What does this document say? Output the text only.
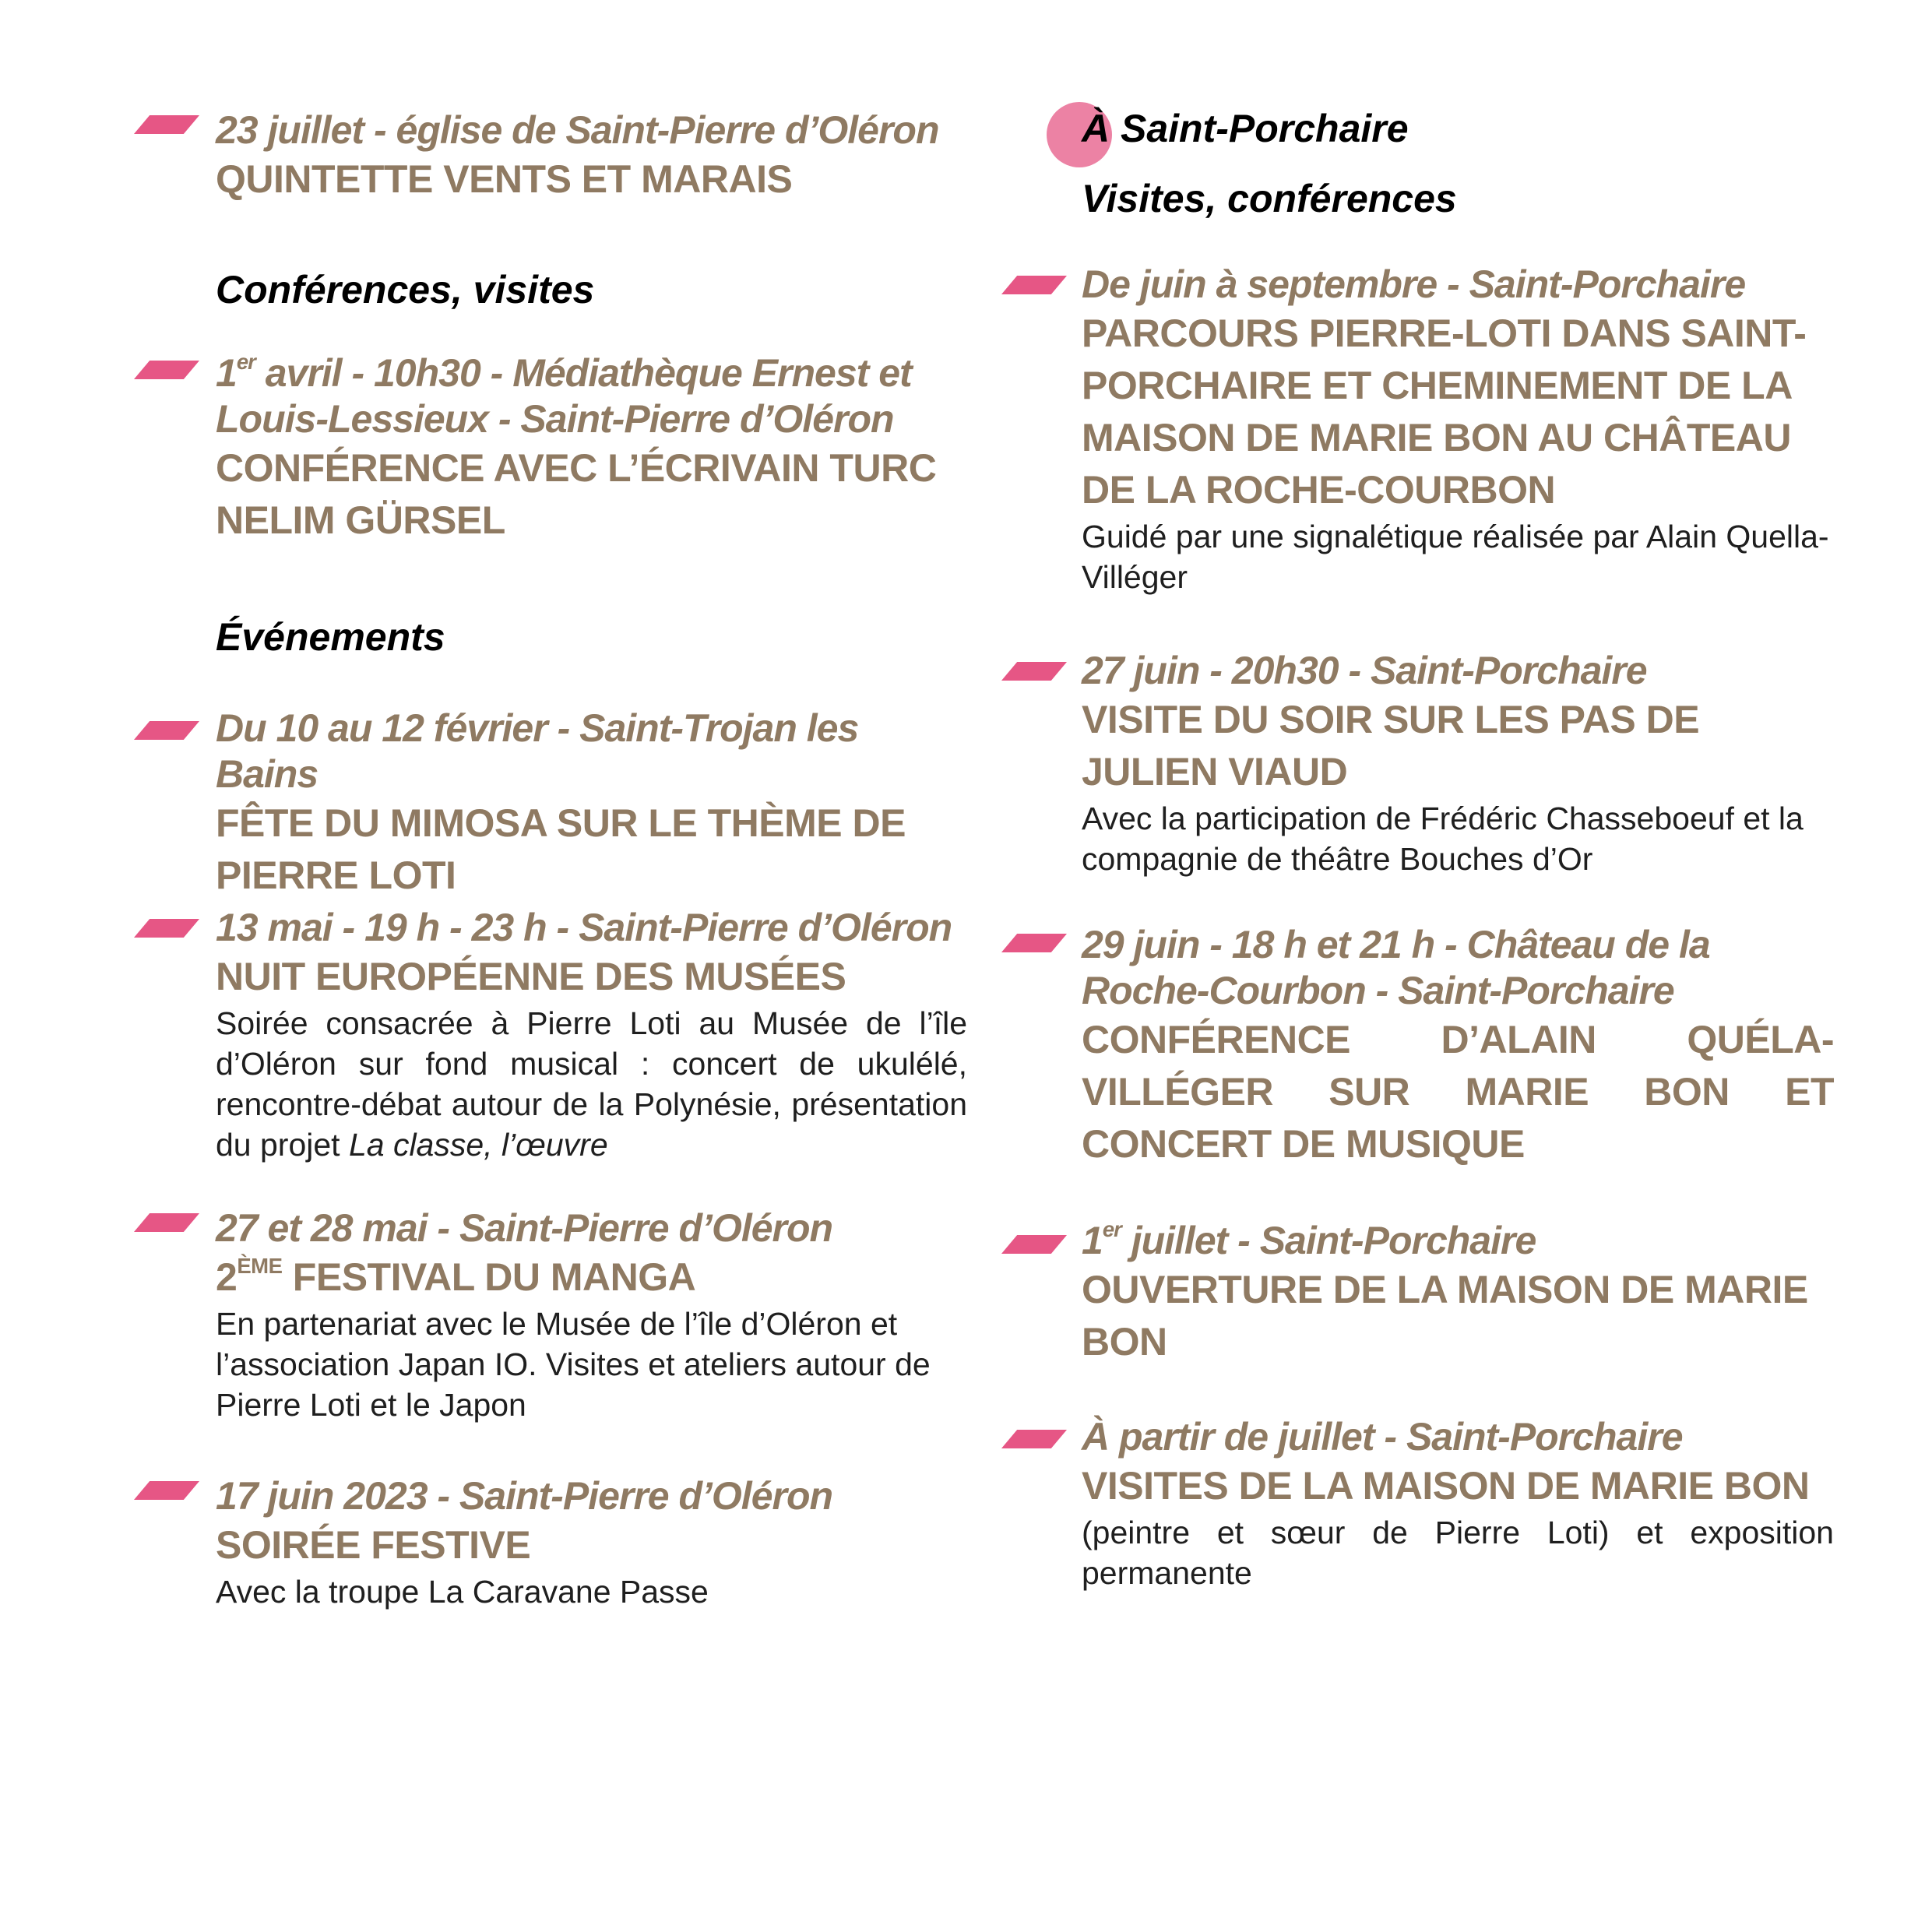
23 juillet - église de Saint-Pierre d’Oléron
QUINTETTE VENTS ET MARAIS
Conférences, visites
1er avril - 10h30 - Médiathèque Ernest et Louis-Lessieux - Saint-Pierre d’Oléron
CONFÉRENCE AVEC L’ÉCRIVAIN TURC NELIM GÜRSEL
Événements
Du 10 au 12 février - Saint-Trojan les Bains
FÊTE DU MIMOSA SUR LE THÈME DE PIERRE LOTI
13 mai - 19 h - 23 h - Saint-Pierre d’Oléron
NUIT EUROPÉENNE DES MUSÉES
Soirée consacrée à Pierre Loti au Musée de l’île d’Oléron sur fond musical : concert de ukulélé, rencontre-débat autour de la Polynésie, présentation du projet La classe, l’œuvre
27 et 28 mai - Saint-Pierre d’Oléron
2ÈME FESTIVAL DU MANGA
En partenariat avec le Musée de l’île d’Oléron et l’association Japan IO. Visites et ateliers autour de Pierre Loti et le Japon
17 juin 2023 - Saint-Pierre d’Oléron
SOIRÉE FESTIVE
Avec la troupe La Caravane Passe
À Saint-Porchaire
Visites, conférences
De juin à septembre - Saint-Porchaire
PARCOURS PIERRE-LOTI DANS SAINT-PORCHAIRE ET CHEMINEMENT DE LA MAISON DE MARIE BON AU CHÂTEAU DE LA ROCHE-COURBON
Guidé par une signalétique réalisée par Alain Quella-Villéger
27 juin - 20h30 - Saint-Porchaire
VISITE DU SOIR SUR LES PAS DE JULIEN VIAUD
Avec la participation de Frédéric Chasseboeuf et la compagnie de théâtre Bouches d’Or
29 juin - 18 h et 21 h - Château de la Roche-Courbon - Saint-Porchaire
CONFÉRENCE D’ALAIN QUÉLA-VILLÉGER SUR MARIE BON ET CONCERT DE MUSIQUE
1er juillet - Saint-Porchaire
OUVERTURE DE LA MAISON DE MARIE BON
À partir de juillet - Saint-Porchaire
VISITES DE LA MAISON DE MARIE BON
(peintre et sœur de Pierre Loti) et exposition permanente
